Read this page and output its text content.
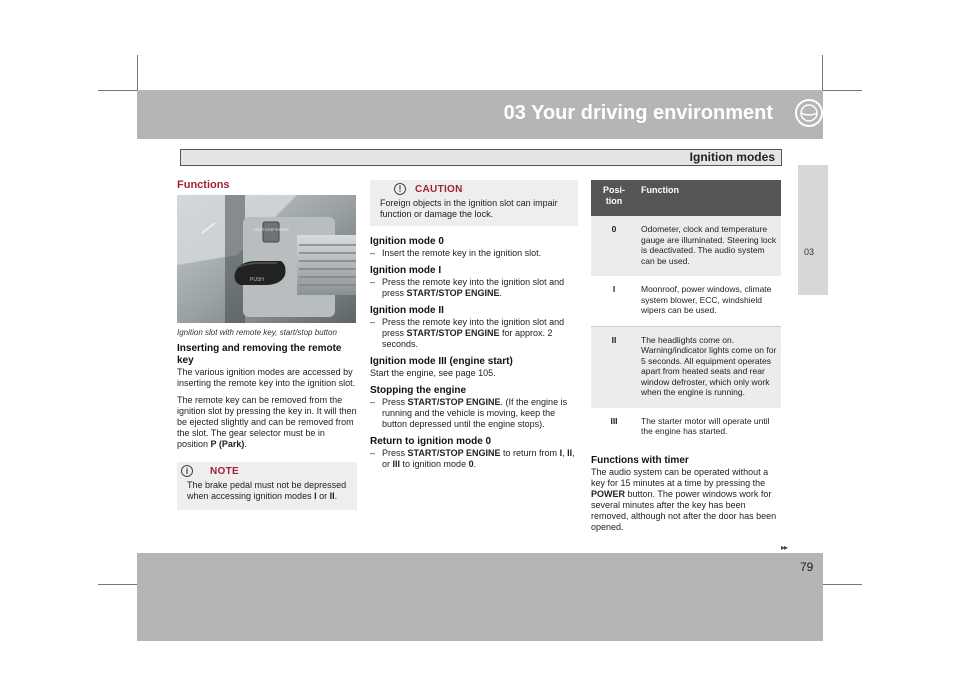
03 Your driving environment
Ignition modes
03
▸▸
79
Functions
START STOP ENGINE
PUSH
Ignition slot with remote key, start/stop button
Inserting and removing the remote key

The various ignition modes are accessed by inserting the remote key into the ignition slot.

The remote key can be removed from the ignition slot by pressing the key in. It will then be ejected slightly and can be removed from the slot. The gear selector must be in position P (Park).

i	NOTE
The brake pedal must not be depressed when accessing ignition modes I or II.
!	CAUTION
Foreign objects in the ignition slot can impair function or damage the lock.
Ignition mode 0
– Insert the remote key in the ignition slot.
Ignition mode I
– Press the remote key into the ignition slot and press START/STOP ENGINE.
Ignition mode II
– Press the remote key into the ignition slot and press START/STOP ENGINE for approx. 2 seconds.
Ignition mode III (engine start)

Start the engine, see page 105.

Stopping the engine
– Press START/STOP ENGINE. (If the engine is running and the vehicle is moving, keep the button depressed until the engine stops).
Return to ignition mode 0
– Press START/STOP ENGINE to return from I, II, or III to ignition mode 0.
Posi-tion	Function
0	Odometer, clock and temperature gauge are illuminated. Steering lock is deactivated. The audio system can be used.
I	Moonroof, power windows, climate system blower, ECC, windshield wipers can be used.
II	The headlights come on. Warning/indicator lights come on for 5 seconds. All equipment operates apart from heated seats and rear window defroster, which only work when the engine is running.
III	The starter motor will operate until the engine has started.
Functions with timer

The audio system can be operated without a key for 15 minutes at a time by pressing the POWER button. The power windows work for several minutes after the key has been removed, although not after the door has been opened.
